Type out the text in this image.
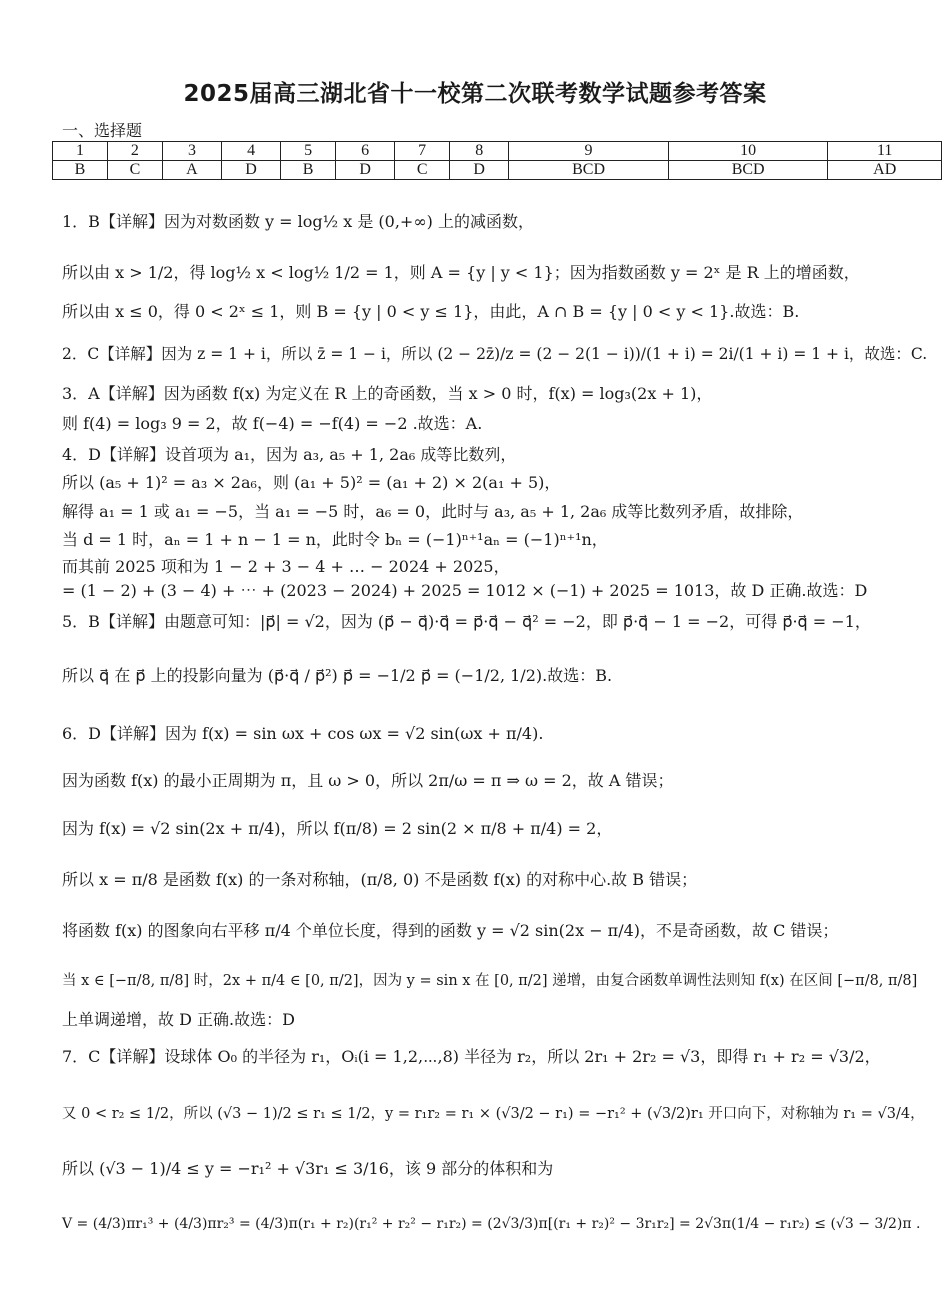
2025届高三湖北省十一校第二次联考数学试题参考答案
一、选择题
1	2	3	4	5	6	7	8	9	10	11
B	C	A	D	B	D	C	D	BCD	BCD	AD
1．B【详解】因为对数函数 y = log½ x 是 (0,+∞) 上的减函数，
所以由 x > 1/2，得 log½ x < log½ 1/2 = 1，则 A = {y | y < 1}；因为指数函数 y = 2ˣ 是 R 上的增函数，
所以由 x ≤ 0，得 0 < 2ˣ ≤ 1，则 B = {y | 0 < y ≤ 1}，由此，A ∩ B = {y | 0 < y < 1}.故选：B.
2．C【详解】因为 z = 1 + i，所以 z̄ = 1 − i，所以 (2 − 2z̄)/z = (2 − 2(1 − i))/(1 + i) = 2i/(1 + i) = 1 + i，故选：C.
3．A【详解】因为函数 f(x) 为定义在 R 上的奇函数，当 x > 0 时，f(x) = log₃(2x + 1)，
则 f(4) = log₃ 9 = 2，故 f(−4) = −f(4) = −2 .故选：A.
4．D【详解】设首项为 a₁，因为 a₃, a₅ + 1, 2a₆ 成等比数列，
所以 (a₅ + 1)² = a₃ × 2a₆，则 (a₁ + 5)² = (a₁ + 2) × 2(a₁ + 5)，
解得 a₁ = 1 或 a₁ = −5，当 a₁ = −5 时，a₆ = 0，此时与 a₃, a₅ + 1, 2a₆ 成等比数列矛盾，故排除，
当 d = 1 时，aₙ = 1 + n − 1 = n，此时令 bₙ = (−1)ⁿ⁺¹aₙ = (−1)ⁿ⁺¹n，
而其前 2025 项和为 1 − 2 + 3 − 4 + … − 2024 + 2025，
= (1 − 2) + (3 − 4) + ⋯ + (2023 − 2024) + 2025 = 1012 × (−1) + 2025 = 1013，故 D 正确.故选：D
5．B【详解】由题意可知：|p⃗| = √2，因为 (p⃗ − q⃗)·q⃗ = p⃗·q⃗ − q⃗² = −2，即 p⃗·q⃗ − 1 = −2，可得 p⃗·q⃗ = −1，
所以 q⃗ 在 p⃗ 上的投影向量为 (p⃗·q⃗ / p⃗²) p⃗ = −1/2 p⃗ = (−1/2, 1/2).故选：B.
6．D【详解】因为 f(x) = sin ωx + cos ωx = √2 sin(ωx + π/4).
因为函数 f(x) 的最小正周期为 π，且 ω > 0，所以 2π/ω = π ⇒ ω = 2，故 A 错误；
因为 f(x) = √2 sin(2x + π/4)，所以 f(π/8) = 2 sin(2 × π/8 + π/4) = 2，
所以 x = π/8 是函数 f(x) 的一条对称轴，(π/8, 0) 不是函数 f(x) 的对称中心.故 B 错误；
将函数 f(x) 的图象向右平移 π/4 个单位长度，得到的函数 y = √2 sin(2x − π/4)，不是奇函数，故 C 错误；
当 x ∈ [−π/8, π/8] 时，2x + π/4 ∈ [0, π/2]，因为 y = sin x 在 [0, π/2] 递增，由复合函数单调性法则知 f(x) 在区间 [−π/8, π/8]
上单调递增，故 D 正确.故选：D
7．C【详解】设球体 O₀ 的半径为 r₁，Oᵢ(i = 1,2,⋯,8) 半径为 r₂，所以 2r₁ + 2r₂ = √3，即得 r₁ + r₂ = √3/2，
又 0 < r₂ ≤ 1/2，所以 (√3 − 1)/2 ≤ r₁ ≤ 1/2，y = r₁r₂ = r₁ × (√3/2 − r₁) = −r₁² + (√3/2)r₁ 开口向下，对称轴为 r₁ = √3/4，
所以 (√3 − 1)/4 ≤ y = −r₁² + √3r₁ ≤ 3/16，该 9 部分的体积和为
V = (4/3)πr₁³ + (4/3)πr₂³ = (4/3)π(r₁ + r₂)(r₁² + r₂² − r₁r₂) = (2√3/3)π[(r₁ + r₂)² − 3r₁r₂] = 2√3π(1/4 − r₁r₂) ≤ (√3 − 3/2)π .
